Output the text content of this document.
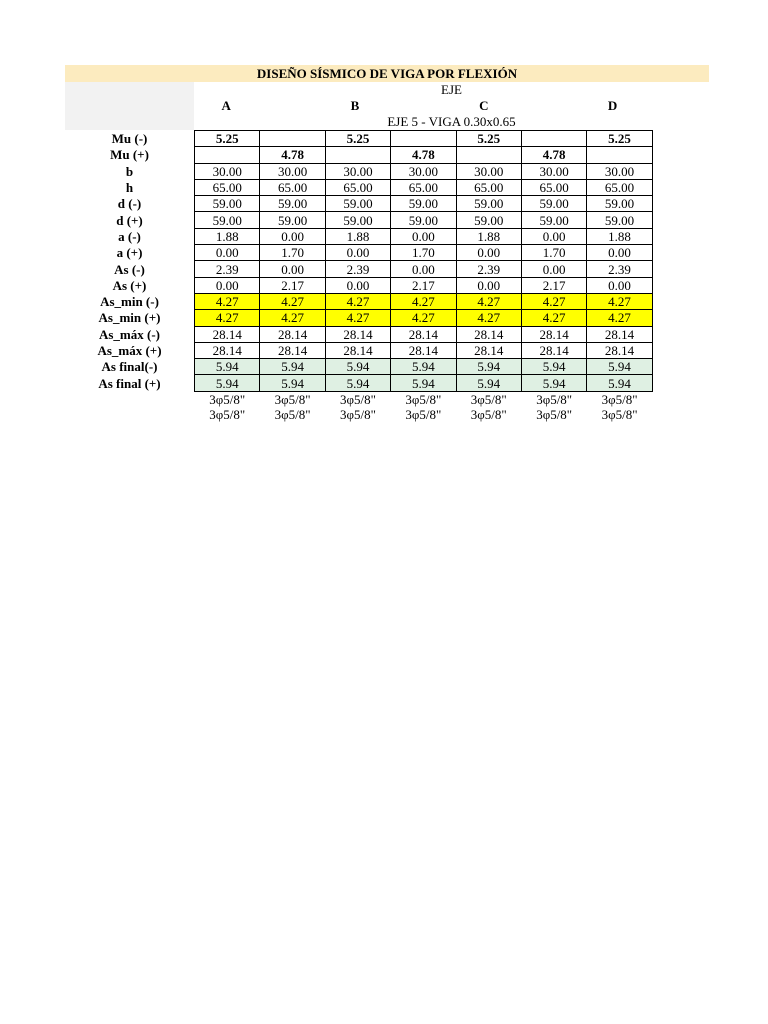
DISEÑO SÍSMICO DE VIGA POR FLEXIÓN
EJE
A	B	C	D
EJE 5 - VIGA 0.30x0.65
Mu (-)	5.25		5.25		5.25		5.25
Mu (+)		4.78		4.78		4.78	
b	30.00	30.00	30.00	30.00	30.00	30.00	30.00
h	65.00	65.00	65.00	65.00	65.00	65.00	65.00
d (-)	59.00	59.00	59.00	59.00	59.00	59.00	59.00
d (+)	59.00	59.00	59.00	59.00	59.00	59.00	59.00
a (-)	1.88	0.00	1.88	0.00	1.88	0.00	1.88
a (+)	0.00	1.70	0.00	1.70	0.00	1.70	0.00
As (-)	2.39	0.00	2.39	0.00	2.39	0.00	2.39
As (+)	0.00	2.17	0.00	2.17	0.00	2.17	0.00
As_min (-)	4.27	4.27	4.27	4.27	4.27	4.27	4.27
As_min (+)	4.27	4.27	4.27	4.27	4.27	4.27	4.27
As_máx (-)	28.14	28.14	28.14	28.14	28.14	28.14	28.14
As_máx (+)	28.14	28.14	28.14	28.14	28.14	28.14	28.14
As final(-)	5.94	5.94	5.94	5.94	5.94	5.94	5.94
As final (+)	5.94	5.94	5.94	5.94	5.94	5.94	5.94
	3φ5/8"	3φ5/8"	3φ5/8"	3φ5/8"	3φ5/8"	3φ5/8"	3φ5/8"
	3φ5/8"	3φ5/8"	3φ5/8"	3φ5/8"	3φ5/8"	3φ5/8"	3φ5/8"
